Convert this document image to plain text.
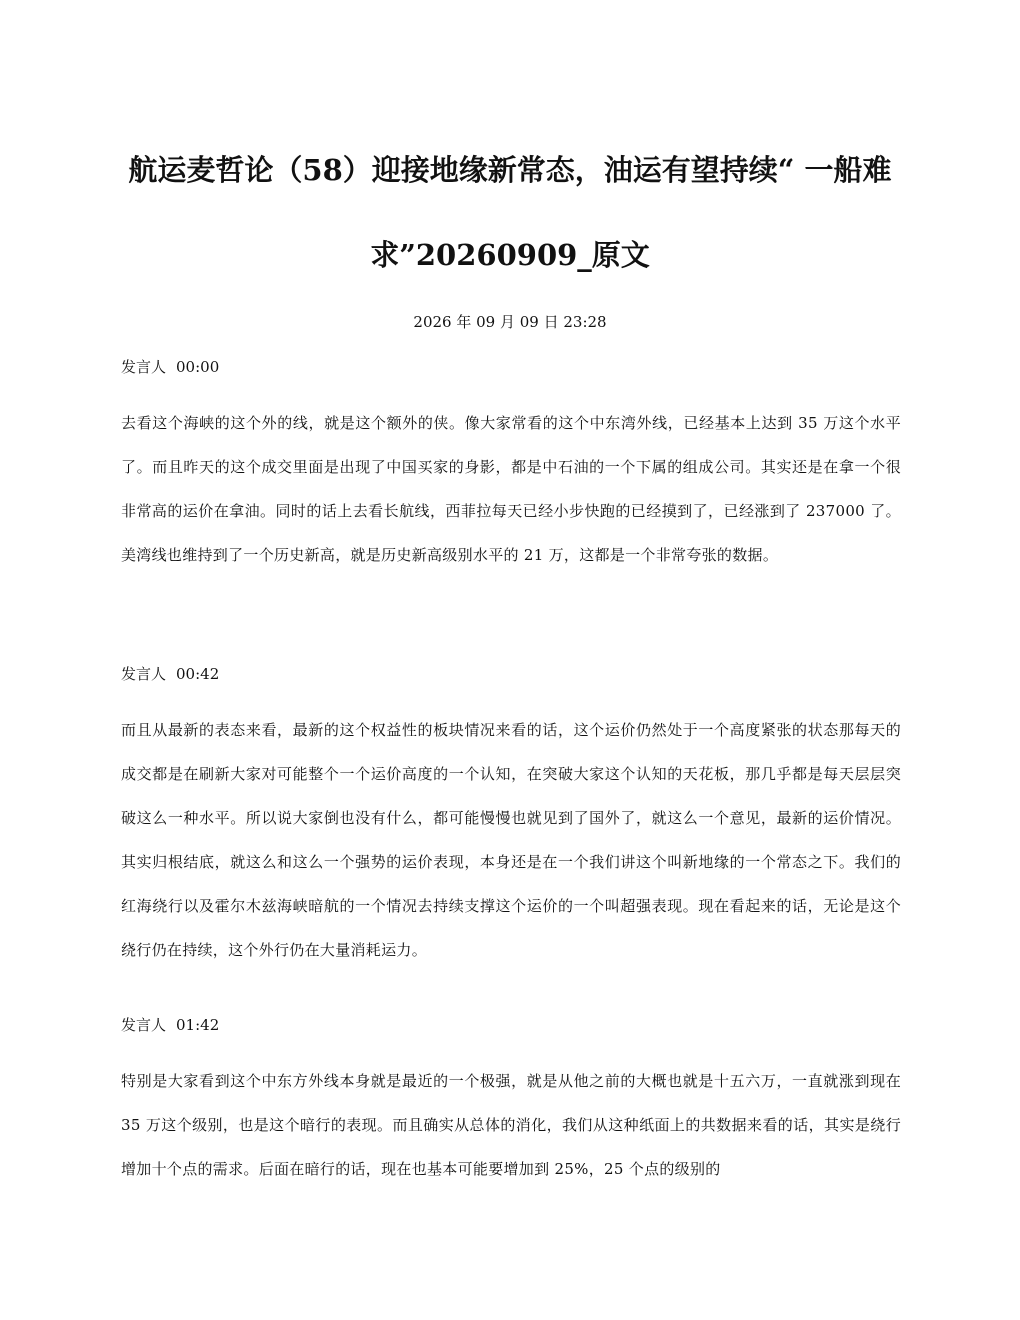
航运麦哲论（58）迎接地缘新常态，油运有望持续“ 一船难求”20260909_原文
2026 年 09 月 09 日 23:28
发言人 00:00

去看这个海峡的这个外的线，就是这个额外的侠。像大家常看的这个中东湾外线，已经基本上达到 35 万这个水平了。而且昨天的这个成交里面是出现了中国买家的身影，都是中石油的一个下属的组成公司。其实还是在拿一个很非常高的运价在拿油。同时的话上去看长航线，西菲拉每天已经小步快跑的已经摸到了，已经涨到了 237000 了。美湾线也维持到了一个历史新高，就是历史新高级别水平的 21 万，这都是一个非常夸张的数据。

发言人 00:42

而且从最新的表态来看，最新的这个权益性的板块情况来看的话，这个运价仍然处于一个高度紧张的状态那每天的成交都是在刷新大家对可能整个一个运价高度的一个认知，在突破大家这个认知的天花板，那几乎都是每天层层突破这么一种水平。所以说大家倒也没有什么，都可能慢慢也就见到了国外了，就这么一个意见，最新的运价情况。其实归根结底，就这么和这么一个强势的运价表现，本身还是在一个我们讲这个叫新地缘的一个常态之下。我们的红海绕行以及霍尔木兹海峡暗航的一个情况去持续支撑这个运价的一个叫超强表现。现在看起来的话，无论是这个绕行仍在持续，这个外行仍在大量消耗运力。

发言人 01:42

特别是大家看到这个中东方外线本身就是最近的一个极强，就是从他之前的大概也就是十五六万，一直就涨到现在 35 万这个级别，也是这个暗行的表现。而且确实从总体的消化，我们从这种纸面上的共数据来看的话，其实是绕行增加十个点的需求。后面在暗行的话，现在也基本可能要增加到 25%，25 个点的级别的
